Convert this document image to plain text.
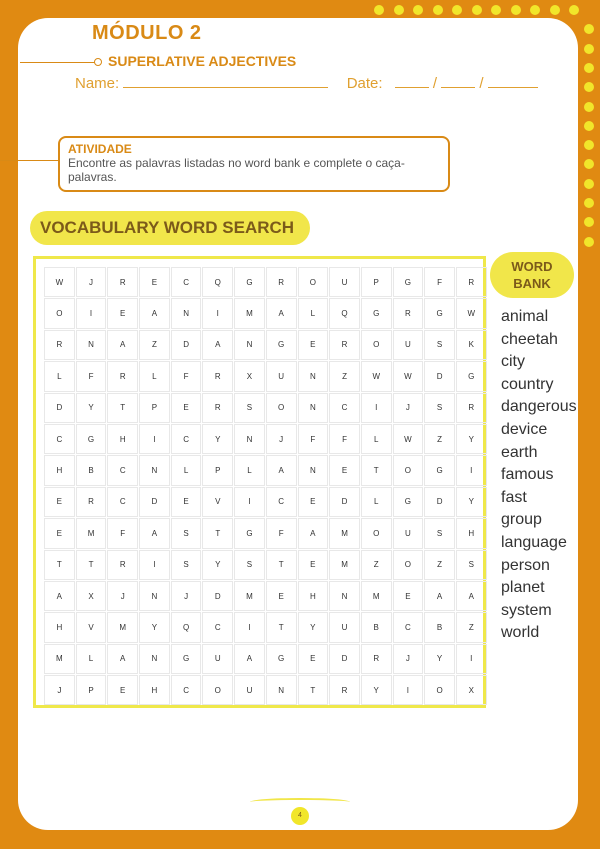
MÓDULO 2
SUPERLATIVE ADJECTIVES
Name:	Date:	/	/
ATIVIDADE
Encontre as palavras listadas no word bank e complete o caça-palavras.
VOCABULARY WORD SEARCH
W	J	R	E	C	Q	G	R	O	U	P	G	F	R
O	I	E	A	N	I	M	A	L	Q	G	R	G	W
R	N	A	Z	D	A	N	G	E	R	O	U	S	K
L	F	R	L	F	R	X	U	N	Z	W	W	D	G
D	Y	T	P	E	R	S	O	N	C	I	J	S	R
C	G	H	I	C	Y	N	J	F	F	L	W	Z	Y
H	B	C	N	L	P	L	A	N	E	T	O	G	I
E	R	C	D	E	V	I	C	E	D	L	G	D	Y
E	M	F	A	S	T	G	F	A	M	O	U	S	H
T	T	R	I	S	Y	S	T	E	M	Z	O	Z	S
A	X	J	N	J	D	M	E	H	N	M	E	A	A
H	V	M	Y	Q	C	I	T	Y	U	B	C	B	Z
M	L	A	N	G	U	A	G	E	D	R	J	Y	I
J	P	E	H	C	O	U	N	T	R	Y	I	O	X
WORD
BANK
animal
cheetah
city
country
dangerous
device
earth
famous
fast
group
language
person
planet
system
world
4
